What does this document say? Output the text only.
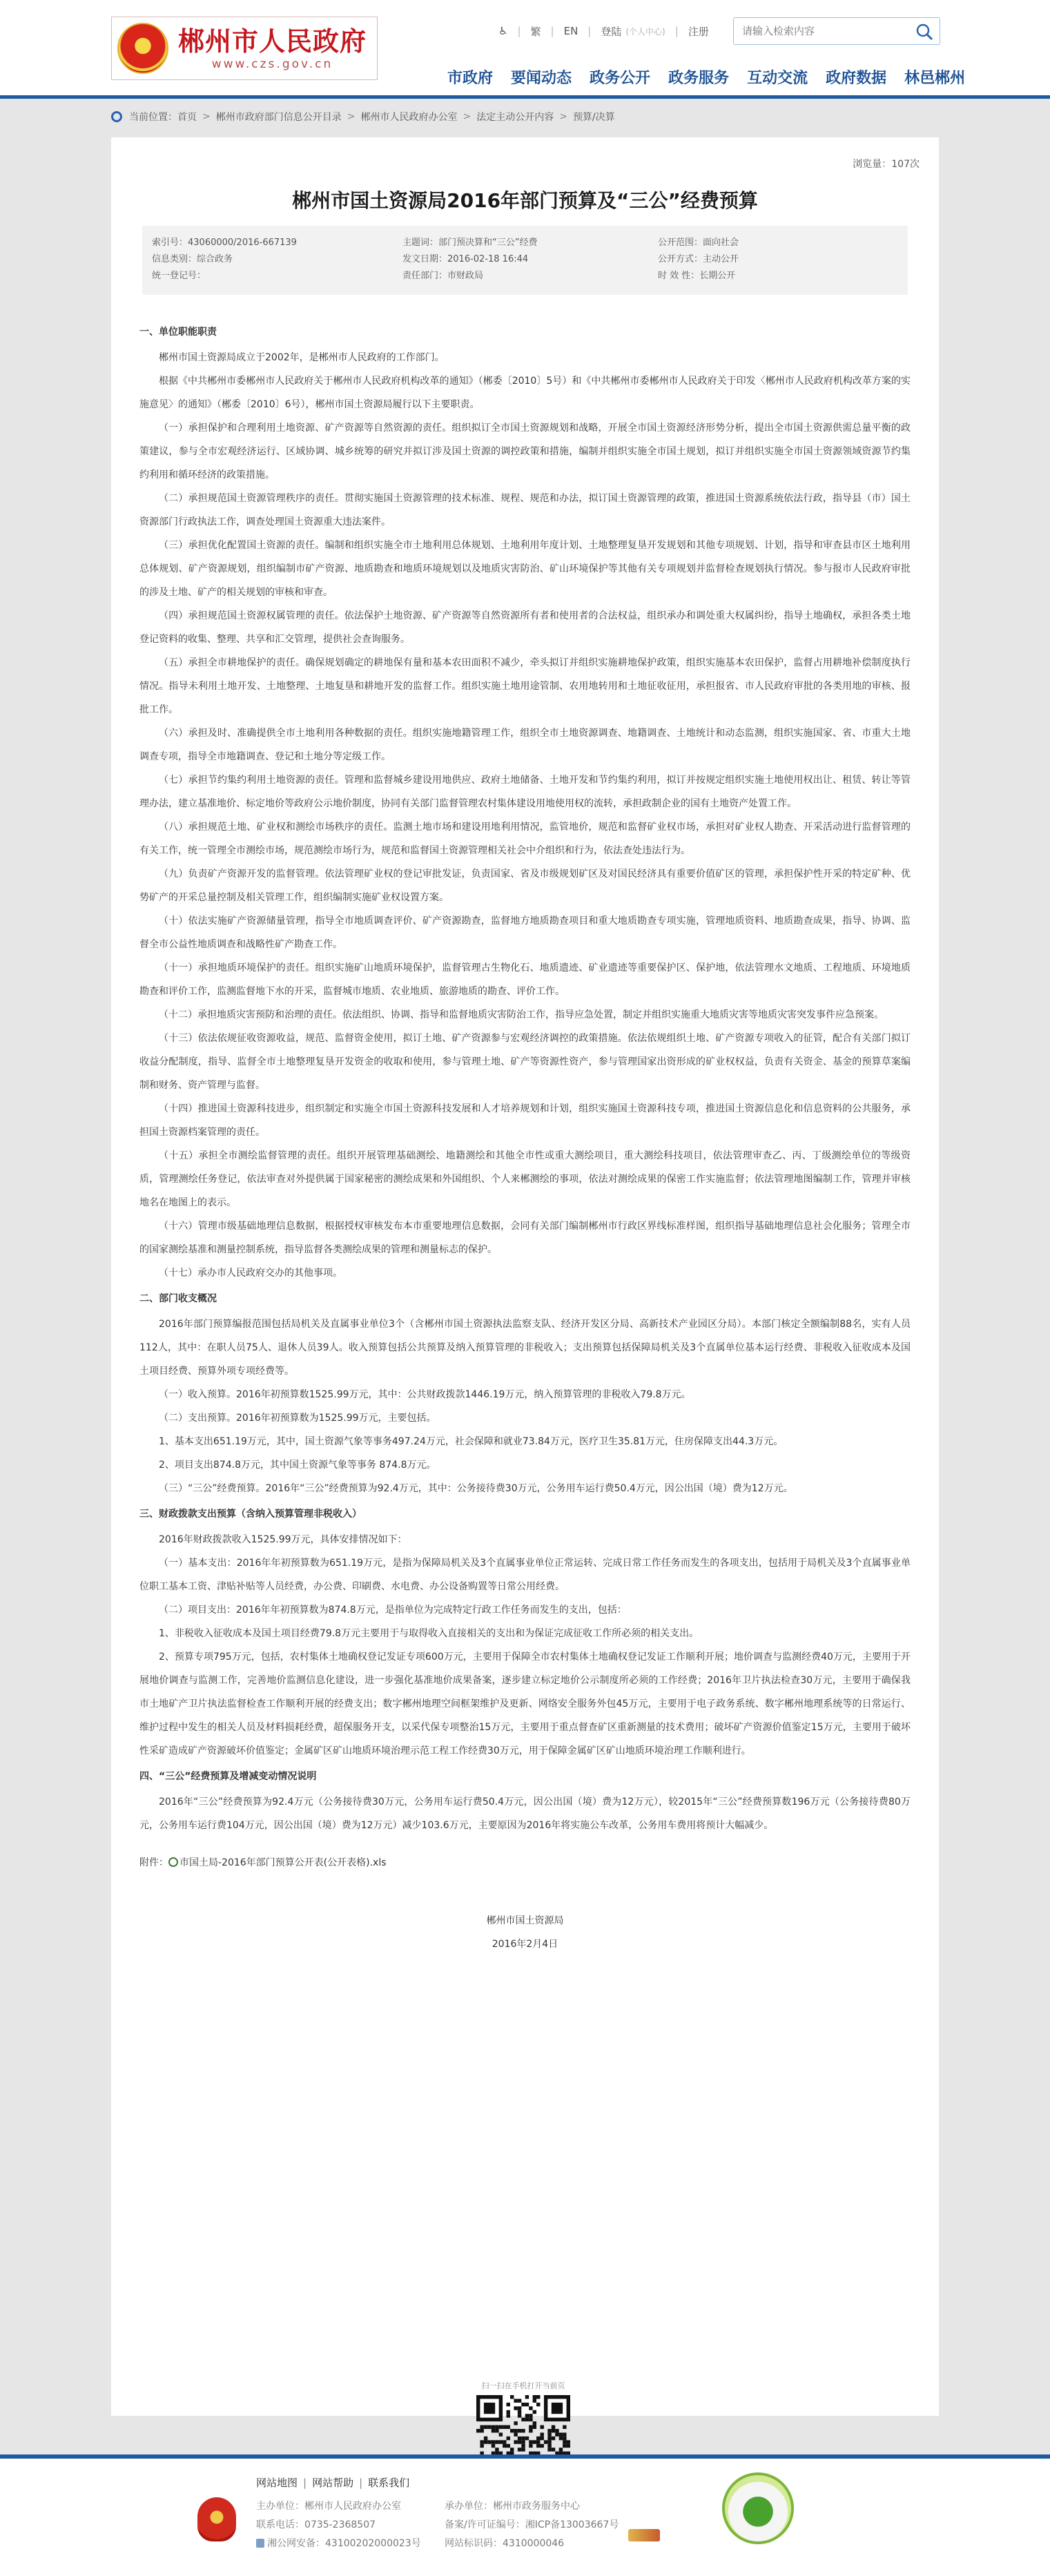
郴州市人民政府
www.czs.gov.cn
♿ | 繁 | EN | 登陆 (个人中心) | 注册
请输入检索内容
市政府 要闻动态 政务公开 政务服务 互动交流 政府数据 林邑郴州
当前位置： 首页 > 郴州市政府部门信息公开目录 > 郴州市人民政府办公室 > 法定主动公开内容 > 预算/决算
浏览量：107次
郴州市国土资源局2016年部门预算及“三公”经费预算
索引号：43060000/2016-667139	主题词：部门预决算和“三公”经费	公开范围：面向社会
信息类别：综合政务	发文日期：2016-02-18 16:44	公开方式：主动公开
统一登记号：	责任部门：市财政局	时 效 性：长期公开
一、单位职能职责

郴州市国土资源局成立于2002年，是郴州市人民政府的工作部门。

根据《中共郴州市委郴州市人民政府关于郴州市人民政府机构改革的通知》（郴委〔2010〕5号）和《中共郴州市委郴州市人民政府关于印发〈郴州市人民政府机构改革方案的实施意见〉的通知》（郴委〔2010〕6号），郴州市国土资源局履行以下主要职责。

（一）承担保护和合理利用土地资源、矿产资源等自然资源的责任。组织拟订全市国土资源规划和战略，开展全市国土资源经济形势分析，提出全市国土资源供需总量平衡的政策建议，参与全市宏观经济运行、区域协调、城乡统筹的研究并拟订涉及国土资源的调控政策和措施，编制并组织实施全市国土规划，拟订并组织实施全市国土资源领域资源节约集约利用和循环经济的政策措施。

（二）承担规范国土资源管理秩序的责任。贯彻实施国土资源管理的技术标准、规程、规范和办法，拟订国土资源管理的政策，推进国土资源系统依法行政，指导县（市）国土资源部门行政执法工作，调查处理国土资源重大违法案件。

（三）承担优化配置国土资源的责任。编制和组织实施全市土地利用总体规划、土地利用年度计划、土地整理复垦开发规划和其他专项规划、计划，指导和审查县市区土地利用总体规划、矿产资源规划，组织编制市矿产资源、地质勘查和地质环境规划以及地质灾害防治、矿山环境保护等其他有关专项规划并监督检查规划执行情况。参与报市人民政府审批的涉及土地、矿产的相关规划的审核和审查。

（四）承担规范国土资源权属管理的责任。依法保护土地资源、矿产资源等自然资源所有者和使用者的合法权益，组织承办和调处重大权属纠纷，指导土地确权，承担各类土地登记资料的收集、整理、共享和汇交管理，提供社会查询服务。

（五）承担全市耕地保护的责任。确保规划确定的耕地保有量和基本农田面积不减少，牵头拟订并组织实施耕地保护政策，组织实施基本农田保护，监督占用耕地补偿制度执行情况。指导未利用土地开发、土地整理、土地复垦和耕地开发的监督工作。组织实施土地用途管制、农用地转用和土地征收征用，承担报省、市人民政府审批的各类用地的审核、报批工作。

（六）承担及时、准确提供全市土地利用各种数据的责任。组织实施地籍管理工作，组织全市土地资源调查、地籍调查、土地统计和动态监测，组织实施国家、省、市重大土地调查专项，指导全市地籍调查、登记和土地分等定级工作。

（七）承担节约集约利用土地资源的责任。管理和监督城乡建设用地供应、政府土地储备、土地开发和节约集约利用，拟订并按规定组织实施土地使用权出让、租赁、转让等管理办法，建立基准地价、标定地价等政府公示地价制度，协同有关部门监督管理农村集体建设用地使用权的流转，承担政制企业的国有土地资产处置工作。

（八）承担规范土地、矿业权和测绘市场秩序的责任。监测土地市场和建设用地利用情况，监管地价，规范和监督矿业权市场，承担对矿业权人勘查、开采活动进行监督管理的有关工作，统一管理全市测绘市场，规范测绘市场行为，规范和监督国土资源管理相关社会中介组织和行为，依法查处违法行为。

（九）负责矿产资源开发的监督管理。依法管理矿业权的登记审批发证，负责国家、省及市级规划矿区及对国民经济具有重要价值矿区的管理，承担保护性开采的特定矿种、优势矿产的开采总量控制及相关管理工作，组织编制实施矿业权设置方案。

（十）依法实施矿产资源储量管理，指导全市地质调查评价、矿产资源勘查，监督地方地质勘查项目和重大地质勘查专项实施，管理地质资料、地质勘查成果，指导、协调、监督全市公益性地质调查和战略性矿产勘查工作。

（十一）承担地质环境保护的责任。组织实施矿山地质环境保护，监督管理古生物化石、地质遗迹、矿业遗迹等重要保护区、保护地，依法管理水文地质、工程地质、环境地质勘查和评价工作，监测监督地下水的开采，监督城市地质、农业地质、旅游地质的勘查、评价工作。

（十二）承担地质灾害预防和治理的责任。依法组织、协调、指导和监督地质灾害防治工作，指导应急处置，制定并组织实施重大地质灾害等地质灾害突发事件应急预案。

（十三）依法依规征收资源收益，规范、监督资金使用，拟订土地、矿产资源参与宏观经济调控的政策措施。依法依规组织土地、矿产资源专项收入的征管，配合有关部门拟订收益分配制度，指导、监督全市土地整理复垦开发资金的收取和使用，参与管理土地、矿产等资源性资产，参与管理国家出资形成的矿业权权益，负责有关资金、基金的预算草案编制和财务、资产管理与监督。

（十四）推进国土资源科技进步，组织制定和实施全市国土资源科技发展和人才培养规划和计划，组织实施国土资源科技专项，推进国土资源信息化和信息资料的公共服务，承担国土资源档案管理的责任。

（十五）承担全市测绘监督管理的责任。组织开展管理基础测绘、地籍测绘和其他全市性或重大测绘项目，重大测绘科技项目，依法管理审查乙、丙、丁级测绘单位的等级资质，管理测绘任务登记，依法审查对外提供属于国家秘密的测绘成果和外国组织、个人来郴测绘的事项，依法对测绘成果的保密工作实施监督；依法管理地图编制工作，管理并审核地名在地图上的表示。

（十六）管理市级基础地理信息数据，根据授权审核发布本市重要地理信息数据，会同有关部门编制郴州市行政区界线标准样图，组织指导基础地理信息社会化服务；管理全市的国家测绘基准和测量控制系统，指导监督各类测绘成果的管理和测量标志的保护。

（十七）承办市人民政府交办的其他事项。

二、部门收支概况

2016年部门预算编报范围包括局机关及直属事业单位3个（含郴州市国土资源执法监察支队、经济开发区分局、高新技术产业园区分局）。本部门核定全额编制88名，实有人员112人，其中：在职人员75人、退休人员39人。收入预算包括公共预算及纳入预算管理的非税收入；支出预算包括保障局机关及3个直属单位基本运行经费、非税收入征收成本及国土项目经费、预算外项专项经费等。

（一）收入预算。2016年初预算数1525.99万元，其中：公共财政拨款1446.19万元，纳入预算管理的非税收入79.8万元。

（二）支出预算。2016年初预算数为1525.99万元，主要包括。

1、基本支出651.19万元，其中，国土资源气象等事务497.24万元，社会保障和就业73.84万元，医疗卫生35.81万元，住房保障支出44.3万元。

2、项目支出874.8万元，其中国土资源气象等事务 874.8万元。

（三）“三公”经费预算。2016年“三公”经费预算为92.4万元，其中：公务接待费30万元，公务用车运行费50.4万元，因公出国（境）费为12万元。

三、财政拨款支出预算（含纳入预算管理非税收入）

2016年财政拨款收入1525.99万元，具体安排情况如下：

（一）基本支出：2016年年初预算数为651.19万元，是指为保障局机关及3个直属事业单位正常运转、完成日常工作任务而发生的各项支出，包括用于局机关及3个直属事业单位职工基本工资、津贴补贴等人员经费，办公费、印刷费、水电费、办公设备购置等日常公用经费。

（二）项目支出：2016年年初预算数为874.8万元，是指单位为完成特定行政工作任务而发生的支出，包括：

1、非税收入征收成本及国土项目经费79.8万元主要用于与取得收入直接相关的支出和为保证完成征收工作所必须的相关支出。

2、预算专项795万元，包括，农村集体土地确权登记发证专项600万元，主要用于保障全市农村集体土地确权登记发证工作顺利开展；地价调查与监测经费40万元，主要用于开展地价调查与监测工作，完善地价监测信息化建设，进一步强化基准地价成果备案，逐步建立标定地价公示制度所必须的工作经费；2016年卫片执法检查30万元，主要用于确保我市土地矿产卫片执法监督检查工作顺利开展的经费支出；数字郴州地理空间框架维护及更新、网络安全服务外包45万元，主要用于电子政务系统、数字郴州地理系统等的日常运行、维护过程中发生的相关人员及材料损耗经费，超保服务开支，以采代保专项整治15万元，主要用于重点督查矿区重新测量的技术费用；破坏矿产资源价值鉴定15万元，主要用于破坏性采矿造成矿产资源破坏价值鉴定；金属矿区矿山地质环境治理示范工程工作经费30万元，用于保障金属矿区矿山地质环境治理工作顺利进行。

四、“三公”经费预算及增减变动情况说明

2016年“三公”经费预算为92.4万元（公务接待费30万元，公务用车运行费50.4万元，因公出国（境）费为12万元），较2015年“三公”经费预算数196万元（公务接待费80万元，公务用车运行费104万元，因公出国（境）费为12万元）减少103.6万元，主要原因为2016年将实施公车改革，公务用车费用将预计大幅减少。

附件： 市国土局-2016年部门预算公开表(公开表格).xls

郴州市国土资源局
2016年2月4日
扫一扫在手机打开当前页

网站地图 | 网站帮助 | 联系我们
主办单位：郴州市人民政府办公室	承办单位：郴州市政务服务中心
联系电话：0735-2368507	备案/许可证编号：湘ICP备13003667号
湘公网安备：43100202000023号	网站标识码：4310000046
